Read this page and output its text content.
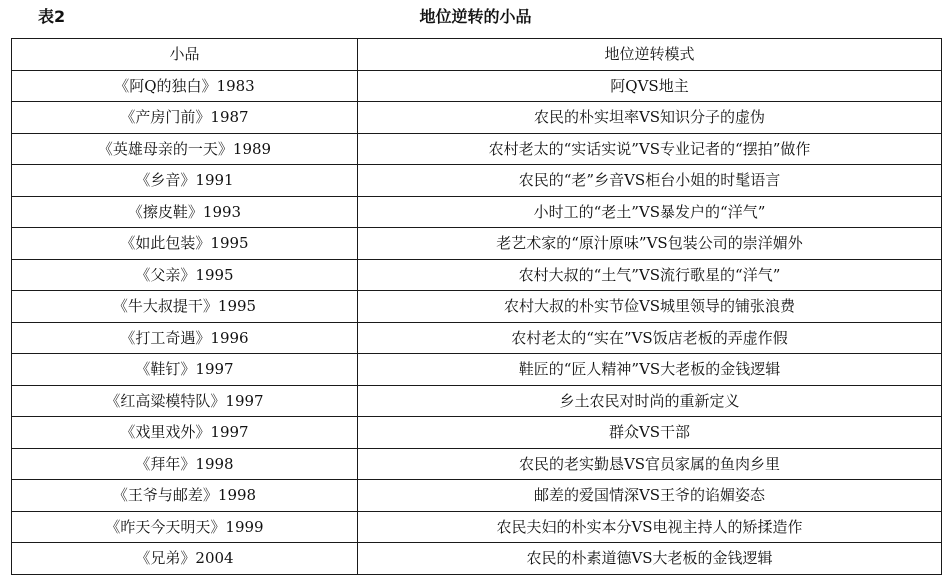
表2	地位逆转的小品
小品	地位逆转模式
《阿Q的独白》1983	阿QVS地主
《产房门前》1987	农民的朴实坦率VS知识分子的虚伪
《英雄母亲的一天》1989	农村老太的“实话实说”VS专业记者的“摆拍”做作
《乡音》1991	农民的“老”乡音VS柜台小姐的时髦语言
《擦皮鞋》1993	小时工的“老土”VS暴发户的“洋气”
《如此包装》1995	老艺术家的“原汁原味”VS包装公司的崇洋媚外
《父亲》1995	农村大叔的“土气”VS流行歌星的“洋气”
《牛大叔提干》1995	农村大叔的朴实节俭VS城里领导的铺张浪费
《打工奇遇》1996	农村老太的“实在”VS饭店老板的弄虚作假
《鞋钉》1997	鞋匠的“匠人精神”VS大老板的金钱逻辑
《红高粱模特队》1997	乡土农民对时尚的重新定义
《戏里戏外》1997	群众VS干部
《拜年》1998	农民的老实勤恳VS官员家属的鱼肉乡里
《王爷与邮差》1998	邮差的爱国情深VS王爷的谄媚姿态
《昨天今天明天》1999	农民夫妇的朴实本分VS电视主持人的矫揉造作
《兄弟》2004	农民的朴素道德VS大老板的金钱逻辑
